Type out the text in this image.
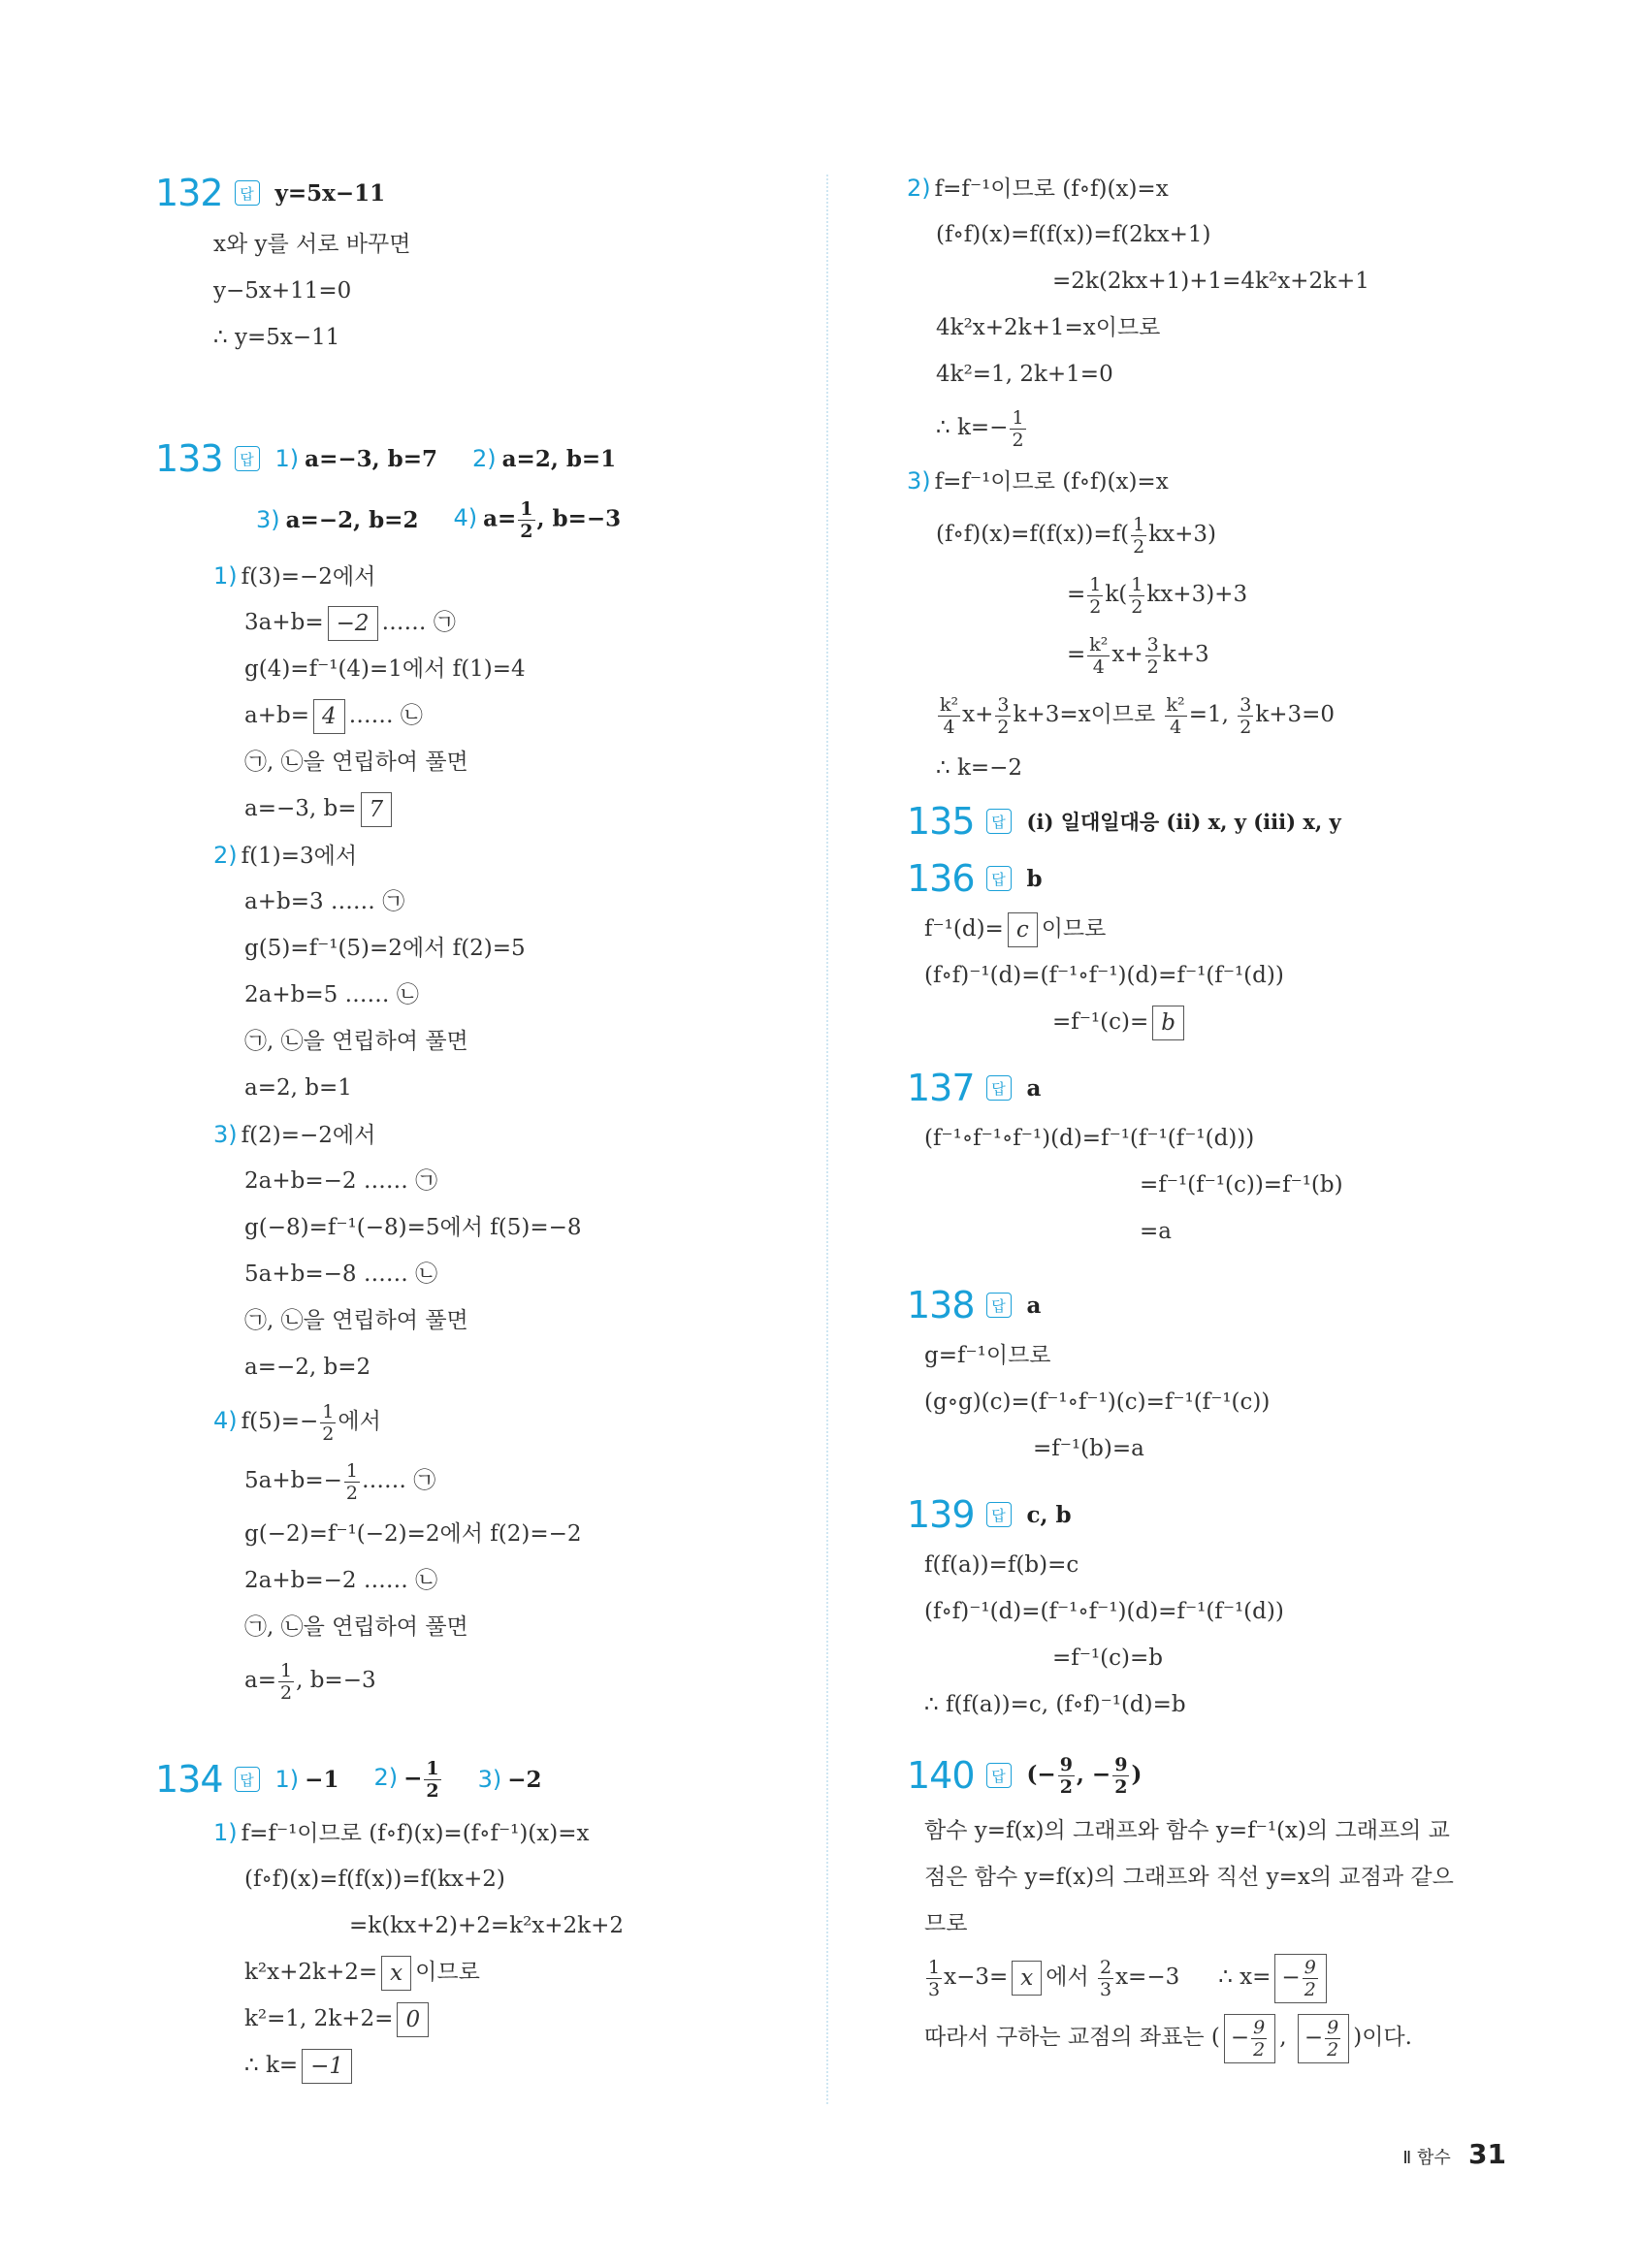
132	답 y=5x−11
x와 y를 서로 바꾸면
y−5x+11=0
∴ y=5x−11
133	답 1) a=−3, b=7 2) a=2, b=1
3) a=−2, b=2 4) $a= \frac{1}{2}$ , b=−3
1) f(3)=−2에서
3a+b= −2 …… ㉠
g(4)=f⁻¹(4)=1에서 f(1)=4
a+b= 4 …… ㉡
㉠, ㉡을 연립하여 풀면
a=−3, b= 7
2) f(1)=3에서
a+b=3 …… ㉠
g(5)=f⁻¹(5)=2에서 f(2)=5
2a+b=5 …… ㉡
㉠, ㉡을 연립하여 풀면
a=2, b=1
3) f(2)=−2에서
2a+b=−2 …… ㉠
g(−8)=f⁻¹(−8)=5에서 f(5)=−8
5a+b=−8 …… ㉡
㉠, ㉡을 연립하여 풀면
a=−2, b=2
4) $f(5)=- \frac{1}{2}$ 에서
$5a+b=- \frac{1}{2}$ …… ㉠
g(−2)=f⁻¹(−2)=2에서 f(2)=−2
2a+b=−2 …… ㉡
㉠, ㉡을 연립하여 풀면
$a= \frac{1}{2}$ , b=−3
134	답 1) −1 $2) - \frac{1}{2} 3) -2$
1) f=f⁻¹이므로 (f∘f)(x)=(f∘f⁻¹)(x)=x
(f∘f)(x)=f(f(x))=f(kx+2)
=k(kx+2)+2=k²x+2k+2
k²x+2k+2= x 이므로
k²=1, 2k+2= 0
∴ k= −1
2) f=f⁻¹이므로 (f∘f)(x)=x
(f∘f)(x)=f(f(x))=f(2kx+1)
=2k(2kx+1)+1=4k²x+2k+1
4k²x+2k+1=x이므로
4k²=1, 2k+1=0
∴ $k=- \frac{1}{2}$
3) f=f⁻¹이므로 (f∘f)(x)=x
(f∘f)(x)=f(f(x))=f( $\frac{1}{2} kx+3$)
= $\frac{1}{2} k( \frac{1}{2} kx+3)+3$
= $\frac{\text{k²}}{4} x+ \frac{3}{2} k+3$
$\frac{\text{k²}}{4} x+ \frac{3}{2} k+3=x$이므로 $\frac{\text{k²}}{4} =1$, $\frac{3}{2} k+3=0$
∴ k=−2
135	답 (i) 일대일대응 (ii) x, y (iii) x, y
136	답 b
f⁻¹(d)= c 이므로
(f∘f)⁻¹(d)=(f⁻¹∘f⁻¹)(d)=f⁻¹(f⁻¹(d))
=f⁻¹(c)= b
137	답 a
(f⁻¹∘f⁻¹∘f⁻¹)(d)=f⁻¹(f⁻¹(f⁻¹(d)))
=f⁻¹(f⁻¹(c))=f⁻¹(b)
=a
138	답 a
g=f⁻¹이므로
(g∘g)(c)=(f⁻¹∘f⁻¹)(c)=f⁻¹(f⁻¹(c))
=f⁻¹(b)=a
139	답 c, b
f(f(a))=f(b)=c
(f∘f)⁻¹(d)=(f⁻¹∘f⁻¹)(d)=f⁻¹(f⁻¹(d))
=f⁻¹(c)=b
∴ f(f(a))=c, (f∘f)⁻¹(d)=b
140	답 (− $\frac{9}{2}$ , − $\frac{9}{2}$ )
함수 y=f(x)의 그래프와 함수 y=f⁻¹(x)의 그래프의 교
점은 함수 y=f(x)의 그래프와 직선 y=x의 교점과 같으
므로
$\frac{1}{3} x-3= x$ 에서 $\frac{2}{3} x=-3$ ∴ $x= - \frac{9}{2}$
따라서 구하는 교점의 좌표는 ( − $\frac{9}{2}$ , − $\frac{9}{2}$ )이다.
Ⅱ 함수 31
